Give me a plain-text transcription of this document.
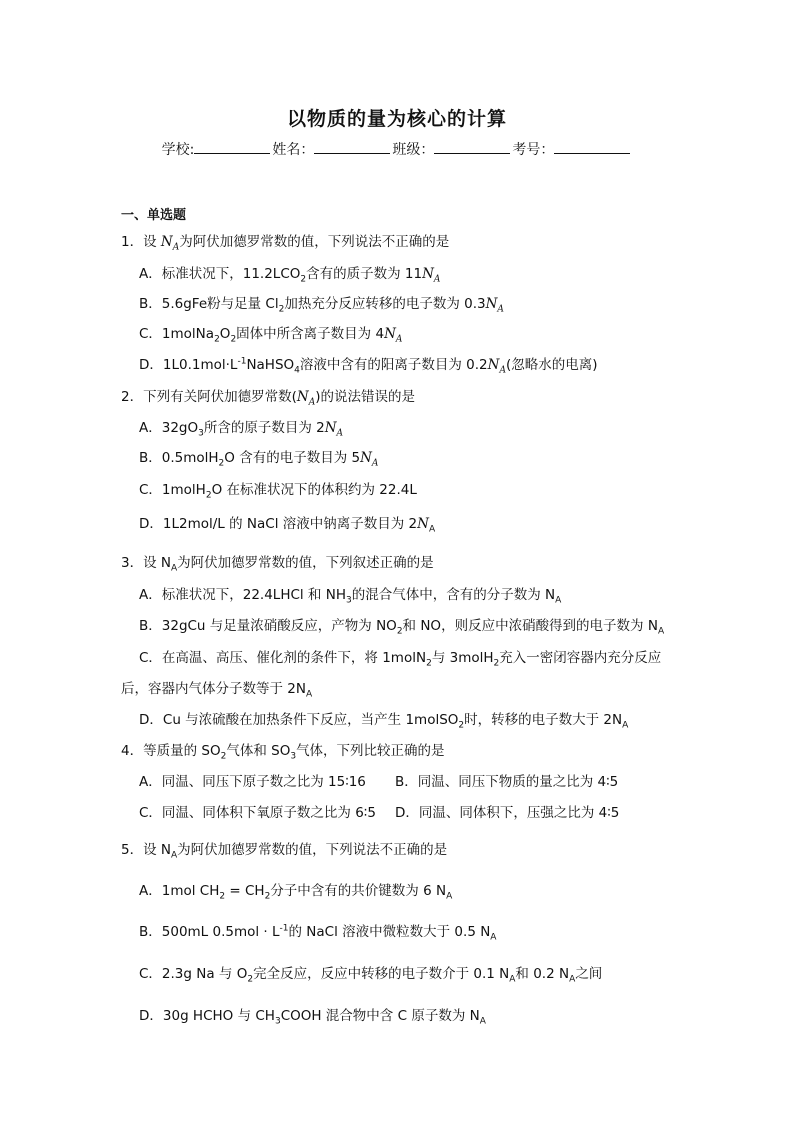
以物质的量为核心的计算
学校:	姓名：	班级：	考号：
一、单选题
1．设 $N_A$为阿伏加德罗常数的值，下列说法不正确的是
A．标准状况下，$11.2LCO_2$含有的质子数为 $11N_A$
B．5.6gFe粉与足量 $Cl_2$加热充分反应转移的电子数为 $0.3N_A$
C．$1molNa_2O_2$固体中所含离子数目为 $4N_A$
D．$1L0.1mol\cdot L^{-1}NaHSO_4$溶液中含有的阳离子数目为 $0.2N_A$(忽略水的电离)
2．下列有关阿伏加德罗常数$(N_A)$的说法错误的是
A．$32gO_3$所含的原子数目为 $2N_A$
B．0.5molH$_2$O 含有的电子数目为 $5N_A$
C．1molH$_2$O 在标准状况下的体积约为 22.4L
D．1L2mol/L 的 NaCl 溶液中钠离子数目为 $2N_A$
3．设 $N_A$为阿伏加德罗常数的值，下列叙述正确的是
A．标准状况下，22.4LHCl 和 $NH_3$的混合气体中，含有的分子数为 $N_A$
B．32gCu 与足量浓硝酸反应，产物为 $NO_2$和 NO，则反应中浓硝酸得到的电子数为 $N_A$
C．在高温、高压、催化剂的条件下，将 1molN$_2$与 3molH$_2$充入一密闭容器内充分反应
后，容器内气体分子数等于 $2N_A$
D．Cu 与浓硫酸在加热条件下反应，当产生 1molSO$_2$时，转移的电子数大于 $2N_A$
4．等质量的 $SO_2$气体和 $SO_3$气体，下列比较正确的是
A．同温、同压下原子数之比为 15∶16 B．同温、同压下物质的量之比为 4∶5
C．同温、同体积下氧原子数之比为 6∶5 D．同温、同体积下，压强之比为 4∶5
5．设 $N_A$为阿伏加德罗常数的值，下列说法不正确的是
A．1mol $CH_2 = CH_2$分子中含有的共价键数为 6 $N_A$
B．500mL $0.5mol \cdot L^{-1}$的 NaCl 溶液中微粒数大于 0.5 $N_A$
C．2.3g Na 与 $O_2$完全反应，反应中转移的电子数介于 0.1 $N_A$和 0.2 $N_A$之间
D．30g HCHO 与 $CH_3COOH$ 混合物中含 C 原子数为 $N_A$
